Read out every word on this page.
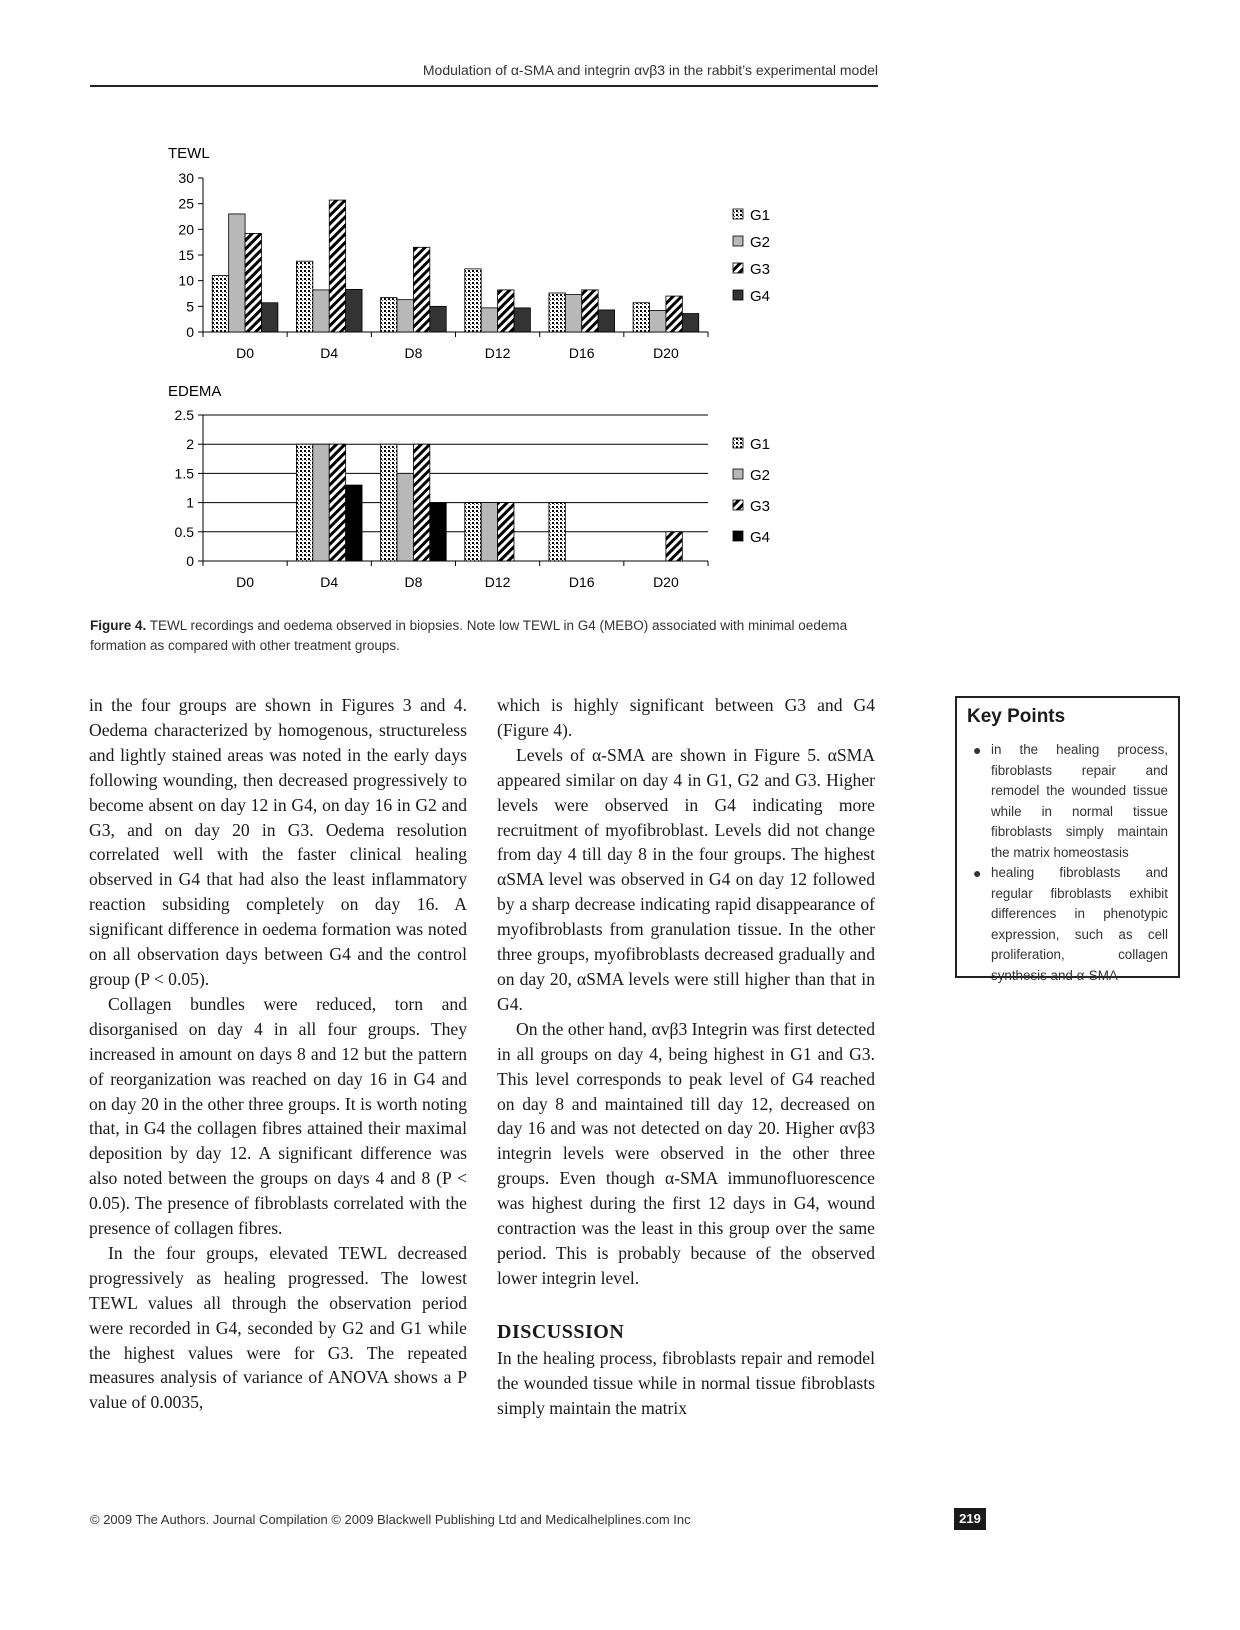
Modulation of α-SMA and integrin αvβ3 in the rabbit’s experimental model
TEWL
0
5
10
15
20
25
30
D0	D4	D8	D12	D16	D20
G1
G2
G3
G4
EDEMA
0
0.5
1
1.5
2
2.5
D0	D4	D8	D12	D16	D20
G1
G2
G3
G4
Figure 4. TEWL recordings and oedema observed in biopsies. Note low TEWL in G4 (MEBO) associated with minimal oedema formation as compared with other treatment groups.

in the four groups are shown in Figures 3 and 4. Oedema characterized by homogenous, structureless and lightly stained areas was noted in the early days following wounding, then decreased progressively to become absent on day 12 in G4, on day 16 in G2 and G3, and on day 20 in G3. Oedema resolution correlated well with the faster clinical healing observed in G4 that had also the least inflammatory reaction subsiding completely on day 16. A significant difference in oedema formation was noted on all observation days between G4 and the control group (P < 0.05).

Collagen bundles were reduced, torn and disorganised on day 4 in all four groups. They increased in amount on days 8 and 12 but the pattern of reorganization was reached on day 16 in G4 and on day 20 in the other three groups. It is worth noting that, in G4 the collagen fibres attained their maximal deposition by day 12. A significant difference was also noted between the groups on days 4 and 8 (P < 0.05). The presence of fibroblasts correlated with the presence of collagen fibres.

In the four groups, elevated TEWL decreased progressively as healing progressed. The lowest TEWL values all through the observation period were recorded in G4, seconded by G2 and G1 while the highest values were for G3. The repeated measures analysis of variance of ANOVA shows a P value of 0.0035,

which is highly significant between G3 and G4 (Figure 4).

Levels of α-SMA are shown in Figure 5. αSMA appeared similar on day 4 in G1, G2 and G3. Higher levels were observed in G4 indicating more recruitment of myofibroblast. Levels did not change from day 4 till day 8 in the four groups. The highest αSMA level was observed in G4 on day 12 followed by a sharp decrease indicating rapid disappearance of myofibroblasts from granulation tissue. In the other three groups, myofibroblasts decreased gradually and on day 20, αSMA levels were still higher than that in G4.

On the other hand, αvβ3 Integrin was first detected in all groups on day 4, being highest in G1 and G3. This level corresponds to peak level of G4 reached on day 8 and maintained till day 12, decreased on day 16 and was not detected on day 20. Higher αvβ3 integrin levels were observed in the other three groups. Even though α-SMA immunofluorescence was highest during the first 12 days in G4, wound contraction was the least in this group over the same period. This is probably because of the observed lower integrin level.

DISCUSSION

In the healing process, fibroblasts repair and remodel the wounded tissue while in normal tissue fibroblasts simply maintain the matrix

Key Points
● in the healing process, fibroblasts repair and remodel the wounded tissue while in normal tissue fibroblasts simply maintain the matrix homeostasis
● healing fibroblasts and regular fibroblasts exhibit differences in phenotypic expression, such as cell proliferation, collagen synthesis and α-SMA
© 2009 The Authors. Journal Compilation © 2009 Blackwell Publishing Ltd and Medicalhelplines.com Inc	219
